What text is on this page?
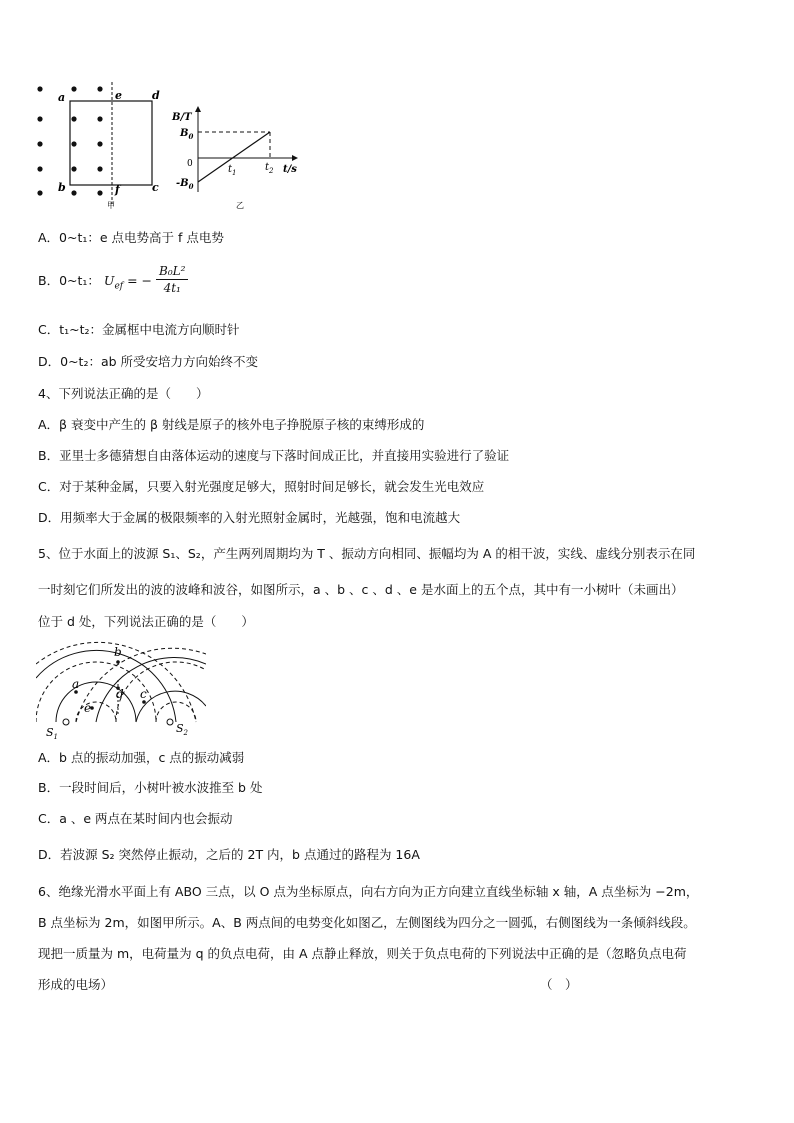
a	e	d
b	f	c
甲
B/T
$B_0$
0
$-B_0$
$t_1$	$t_2$ t/s
乙
A．0~t₁：e 点电势高于 f 点电势
B．0~t₁： $U_{ef}$ = − $\frac{\text{B₀L²}}{\text{4t₁}}$
C．t₁~t₂：金属框中电流方向顺时针
D．0~t₂：ab 所受安培力方向始终不变
4、下列说法正确的是（　　）
A．β 衰变中产生的 β 射线是原子的核外电子挣脱原子核的束缚形成的
B．亚里士多德猜想自由落体运动的速度与下落时间成正比，并直接用实验进行了验证
C．对于某种金属，只要入射光强度足够大，照射时间足够长，就会发生光电效应
D．用频率大于金属的极限频率的入射光照射金属时，光越强，饱和电流越大
5、位于水面上的波源 S₁、S₂，产生两列周期均为 T 、振动方向相同、振幅均为 A 的相干波，实线、虚线分别表示在同
一时刻它们所发出的波的波峰和波谷，如图所示，a 、b 、c 、d 、e 是水面上的五个点，其中有一小树叶（未画出）
位于 d 处，下列说法正确的是（　　）
b
d c
a
e
$S_1$
$S_2$
A．b 点的振动加强，c 点的振动减弱
B．一段时间后，小树叶被水波推至 b 处
C．a 、e 两点在某时间内也会振动
D．若波源 S₂ 突然停止振动，之后的 2T 内，b 点通过的路程为 16A
6、绝缘光滑水平面上有 ABO 三点，以 O 点为坐标原点，向右方向为正方向建立直线坐标轴 x 轴，A 点坐标为 −2m，
B 点坐标为 2m，如图甲所示。A、B 两点间的电势变化如图乙，左侧图线为四分之一圆弧，右侧图线为一条倾斜线段。
现把一质量为 m，电荷量为 q 的负点电荷，由 A 点静止释放，则关于负点电荷的下列说法中正确的是（忽略负点电荷
形成的电场）	（　）
